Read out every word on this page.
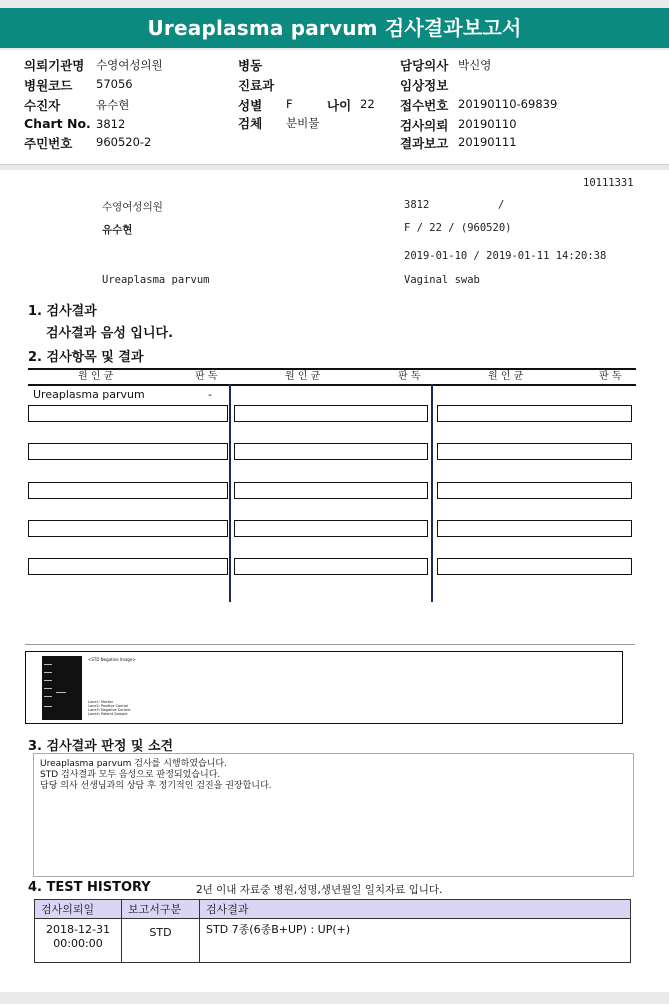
Ureaplasma parvum 검사결과보고서
의뢰기관명 수영여성의원
병원코드 57056
수진자	유수현
Chart No. 3812
주민번호 960520-2
병동
진료과
성별 F	나이 22
검체 분비물
담당의사 박신영
임상정보
접수번호 20190110-69839
검사의뢰 20190110
결과보고 20190111
10111331
수영여성의원	3812	/
유수현	F / 22 / (960520)
2019-01-10 / 2019-01-11 14:20:38
Ureaplasma parvum	Vaginal swab
1. 검사결과
검사결과 음성 입니다.
2. 검사항목 및 결과
원 인 균	판 독	원 인 균	판 독	원 인 균	판 독
Ureaplasma parvum	-
<STD Negative Image>
Lane1: Marker
Lane2: Positive Control
Lane3: Negative Control
Lane4: Patient Sample
3. 검사결과 판정 및 소견
Ureaplasma parvum 검사를 시행하였습니다.
STD 검사결과 모두 음성으로 판정되었습니다.
담당 의사 선생님과의 상담 후 정기적인 검진을 권장합니다.
4. TEST HISTORY	2년 이내 자료중 병원,성명,생년월일 일치자료 입니다.
검사의뢰일	보고서구분	검사결과

2018-12-31
00:00:00	STD	STD 7종(6종B+UP) : UP(+)
